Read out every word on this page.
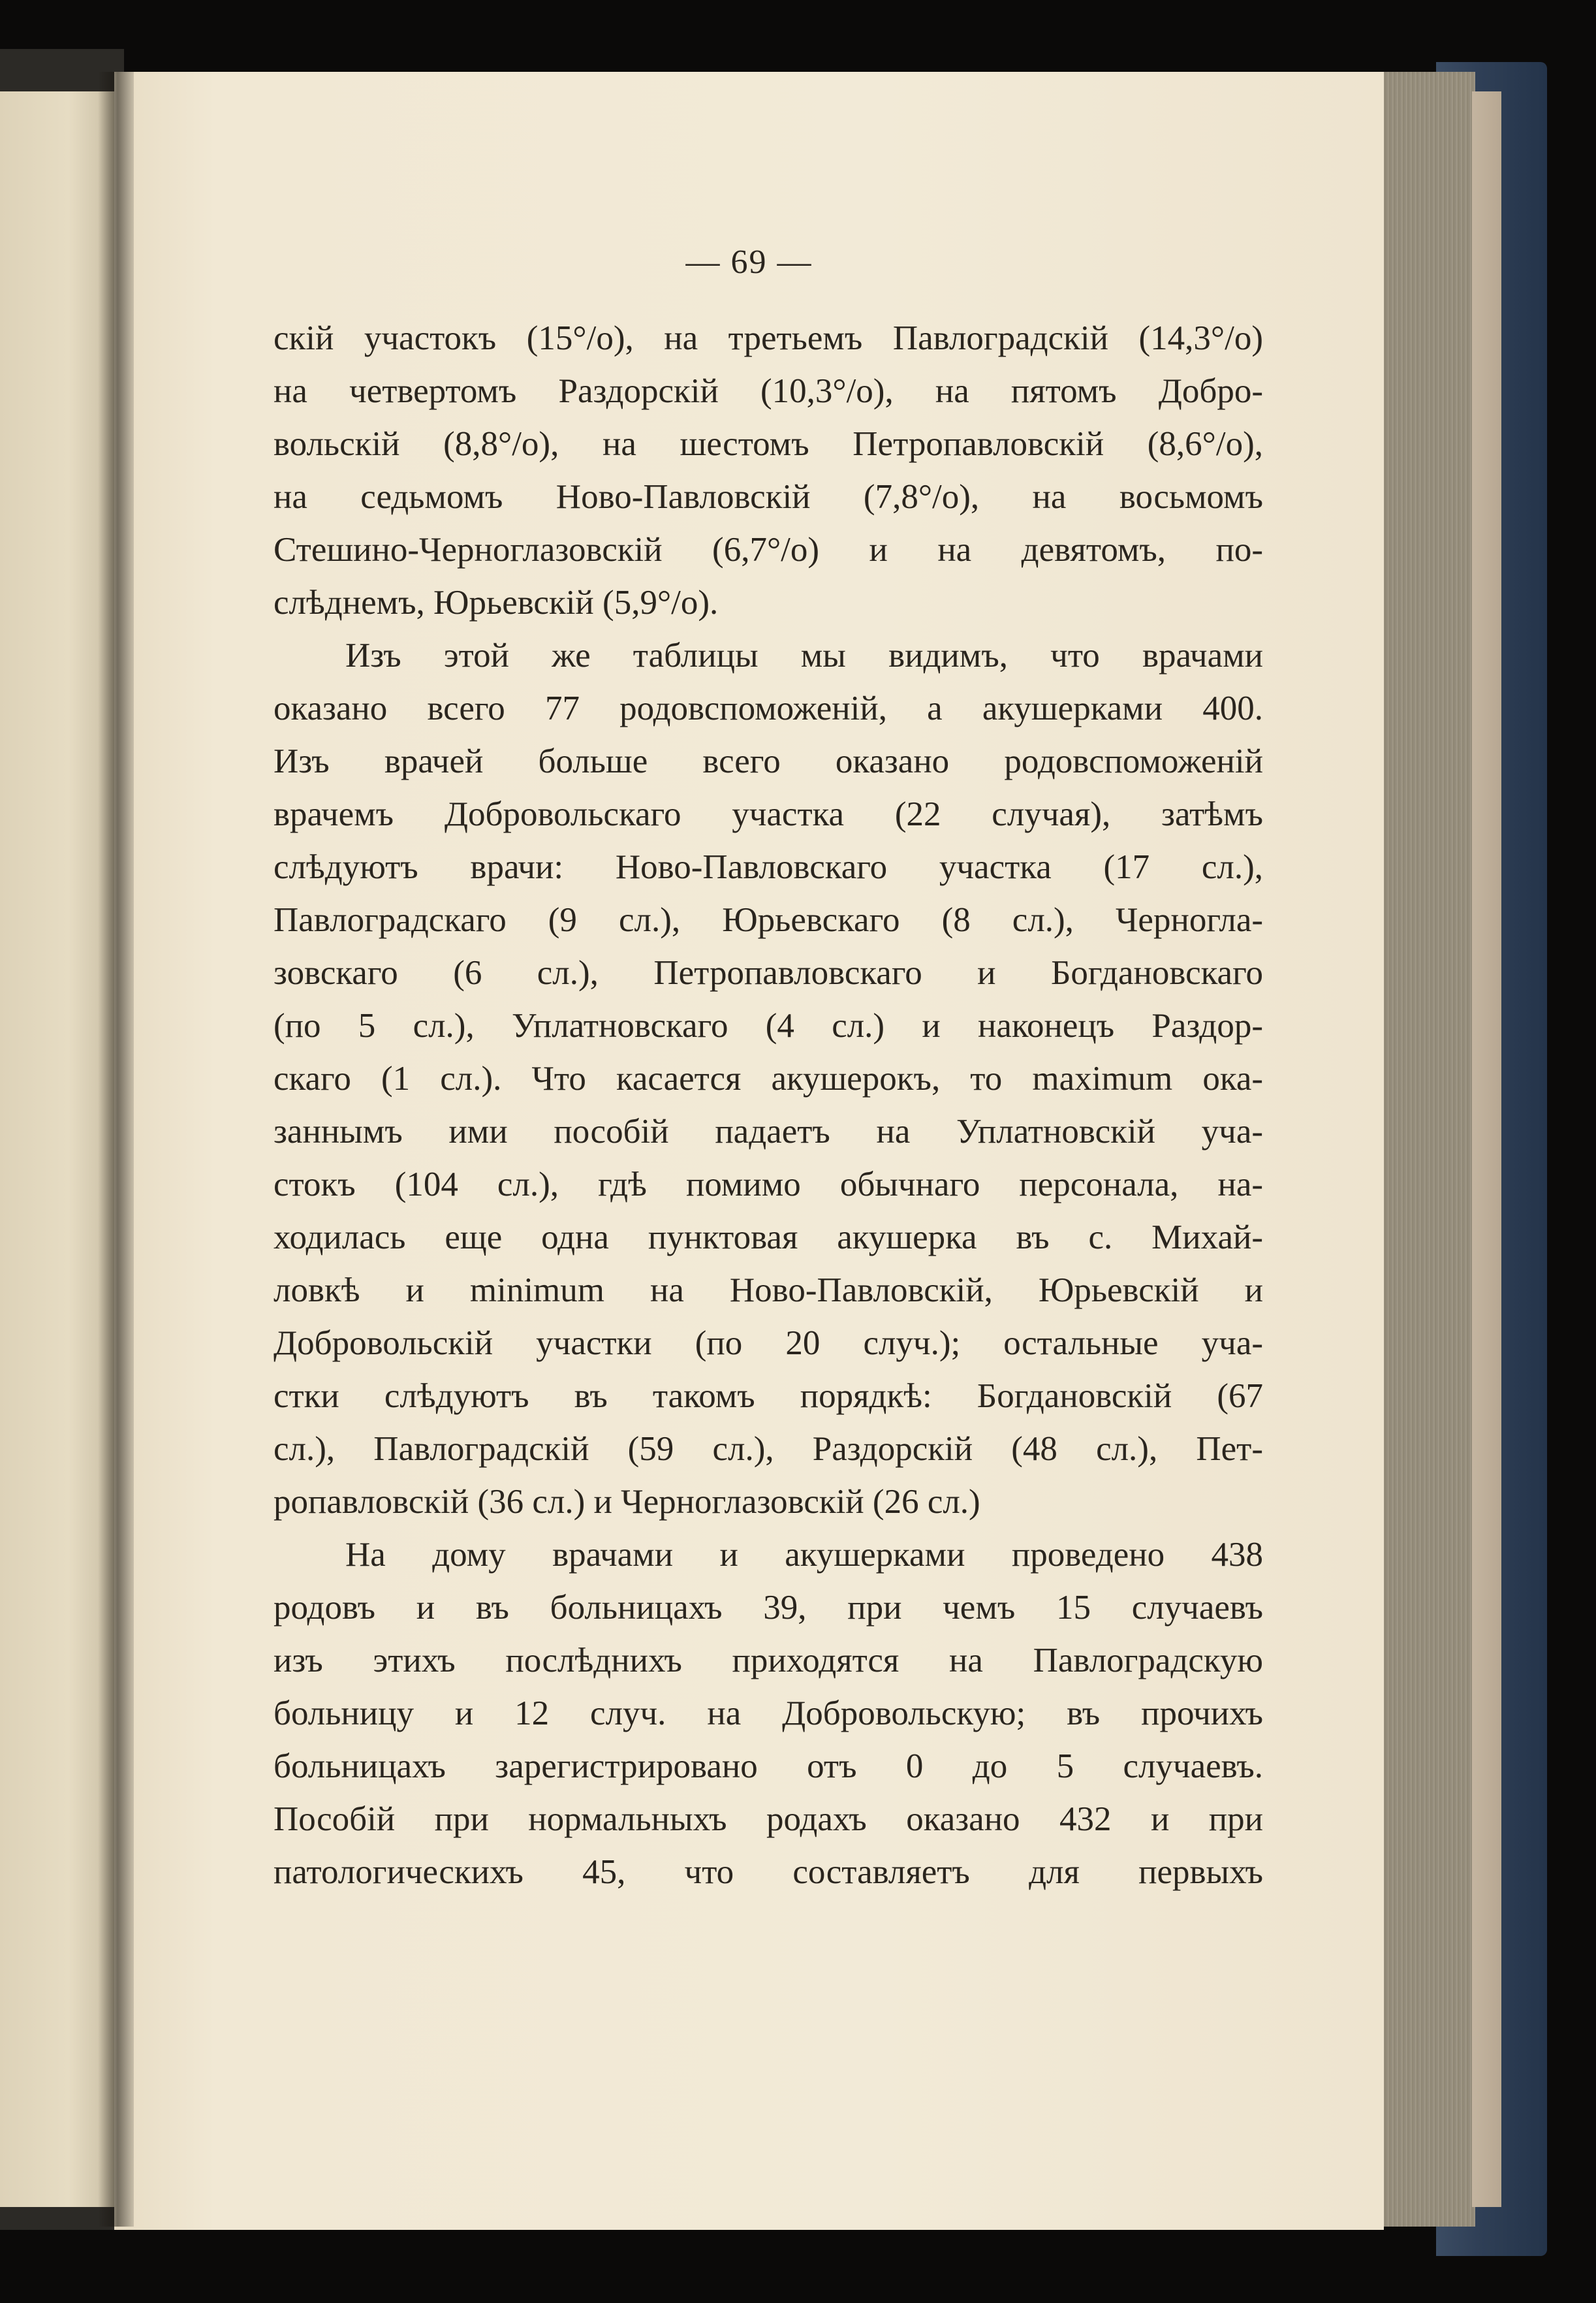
— 69 —
скій участокъ (15°/о), на третьемъ Павлоградскій (14,3°/о)
на четвертомъ Раздорскій (10,3°/о), на пятомъ Добро-
вольскій (8,8°/о), на шестомъ Петропавловскій (8,6°/о),
на седьмомъ Ново-Павловскій (7,8°/о), на восьмомъ
Стешино-Черноглазовскій (6,7°/о) и на девятомъ, по-
слѣднемъ, Юрьевскій (5,9°/о).
Изъ этой же таблицы мы видимъ, что врачами
оказано всего 77 родовспоможеній, а акушерками 400.
Изъ врачей больше всего оказано родовспоможеній
врачемъ Добровольскаго участка (22 случая), затѣмъ
слѣдуютъ врачи: Ново-Павловскаго участка (17 сл.),
Павлоградскаго (9 сл.), Юрьевскаго (8 сл.), Черногла-
зовскаго (6 сл.), Петропавловскаго и Богдановскаго
(по 5 сл.), Уплатновскаго (4 сл.) и наконецъ Раздор-
скаго (1 сл.). Что касается акушерокъ, то maximum ока-
заннымъ ими пособій падаетъ на Уплатновскій уча-
стокъ (104 сл.), гдѣ помимо обычнаго персонала, на-
ходилась еще одна пунктовая акушерка въ с. Михай-
ловкѣ и minimum на Ново-Павловскій, Юрьевскій и
Добровольскій участки (по 20 случ.); остальные уча-
стки слѣдуютъ въ такомъ порядкѣ: Богдановскій (67
сл.), Павлоградскій (59 сл.), Раздорскій (48 сл.), Пет-
ропавловскій (36 сл.) и Черноглазовскій (26 сл.)
На дому врачами и акушерками проведено 438
родовъ и въ больницахъ 39, при чемъ 15 случаевъ
изъ этихъ послѣднихъ приходятся на Павлоградскую
больницу и 12 случ. на Добровольскую; въ прочихъ
больницахъ зарегистрировано отъ 0 до 5 случаевъ.
Пособій при нормальныхъ родахъ оказано 432 и при
патологическихъ 45, что составляетъ для первыхъ
